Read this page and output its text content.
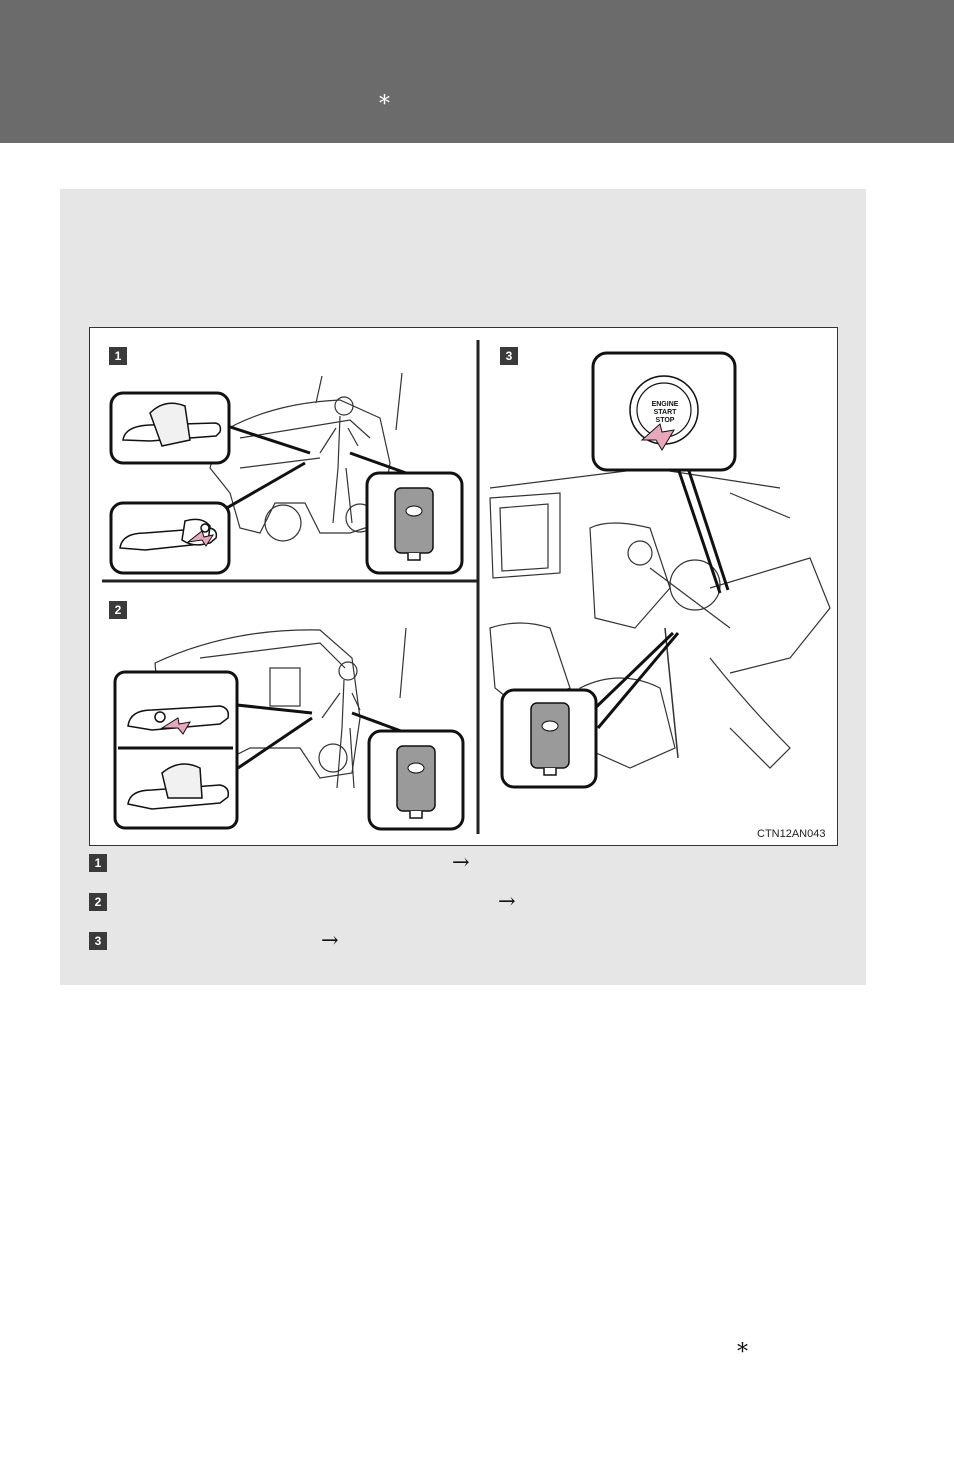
*
ENGINE
START
STOP
1
2
3
CTN12AN043
1	→
2	→
3	→
*
